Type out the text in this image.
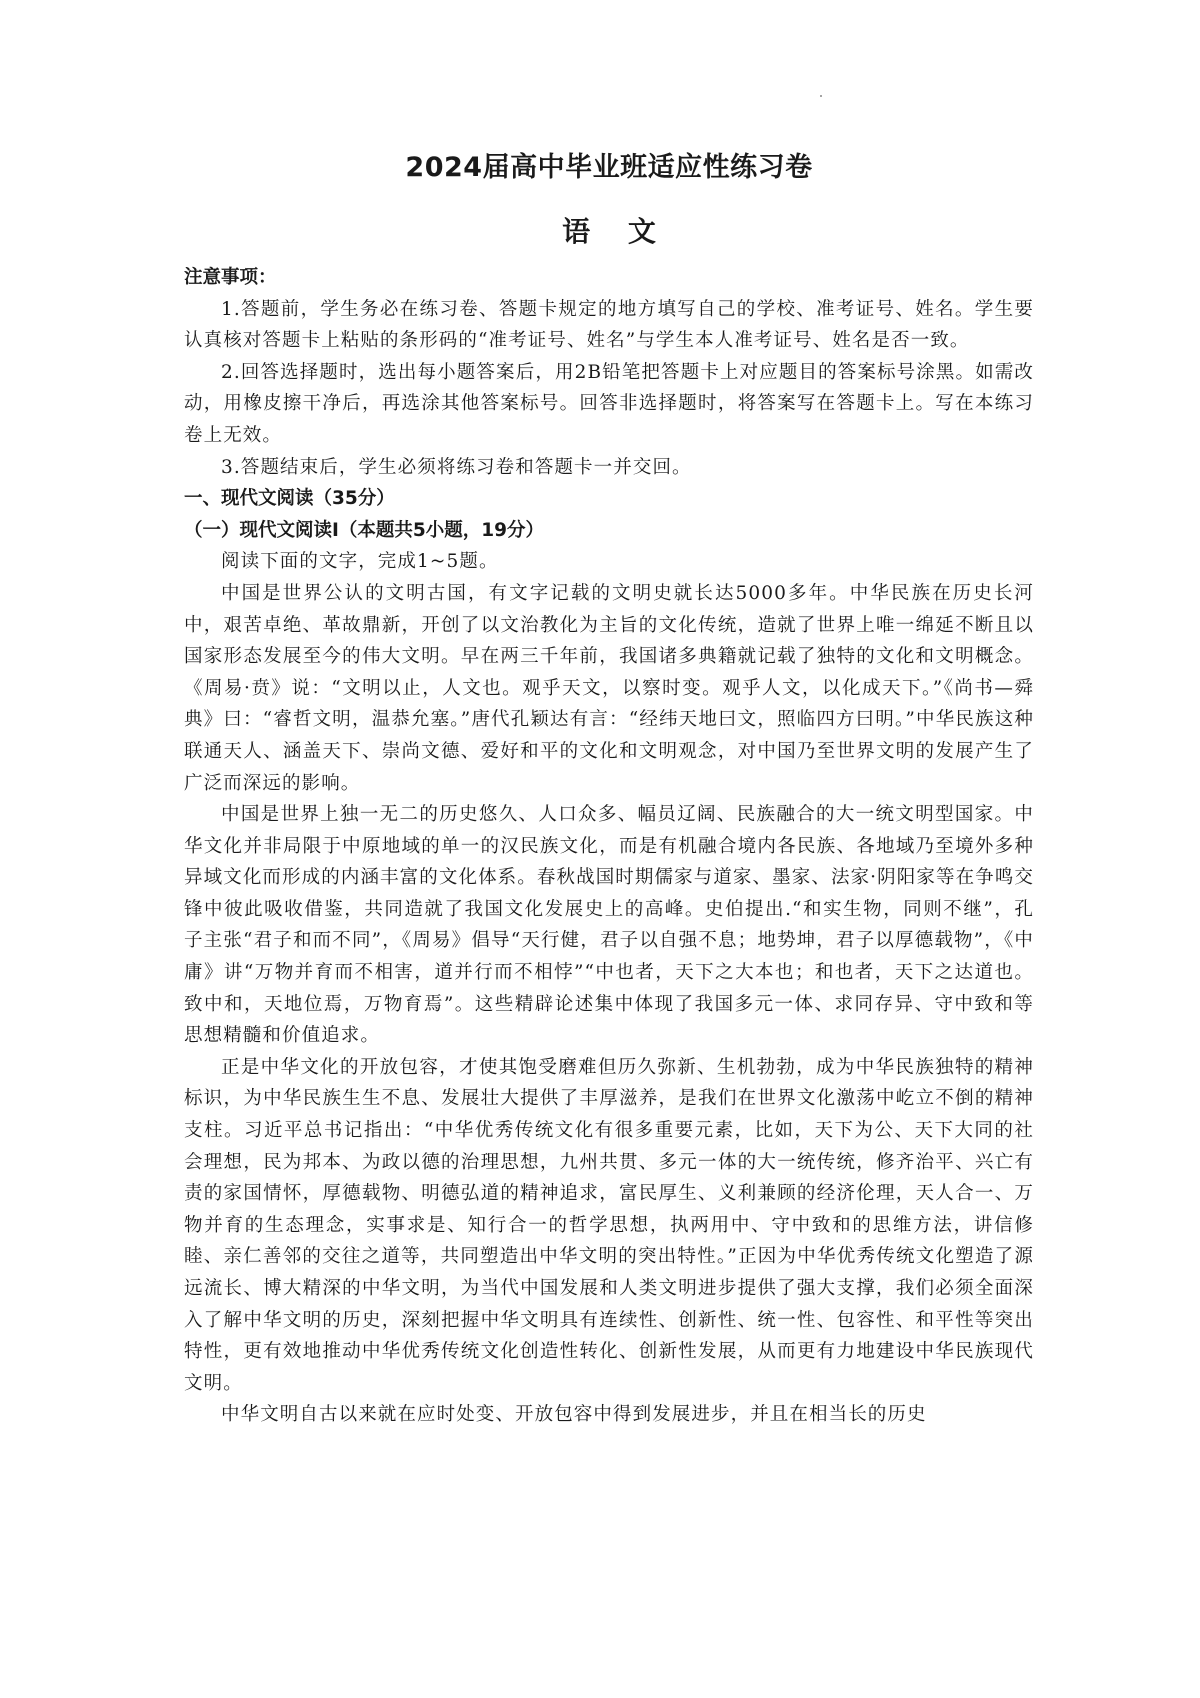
2024届高中毕业班适应性练习卷
语 文
注意事项：

1.答题前，学生务必在练习卷、答题卡规定的地方填写自己的学校、准考证号、姓名。学生要认真核对答题卡上粘贴的条形码的“准考证号、姓名”与学生本人准考证号、姓名是否一致。

2.回答选择题时，选出每小题答案后，用2B铅笔把答题卡上对应题目的答案标号涂黑。如需改动，用橡皮擦干净后，再选涂其他答案标号。回答非选择题时，将答案写在答题卡上。写在本练习卷上无效。

3.答题结束后，学生必须将练习卷和答题卡一并交回。

一、现代文阅读（35分）
（一）现代文阅读Ⅰ（本题共5小题，19分）

阅读下面的文字，完成1~5题。

中国是世界公认的文明古国，有文字记载的文明史就长达5000多年。中华民族在历史长河中，艰苦卓绝、革故鼎新，开创了以文治教化为主旨的文化传统，造就了世界上唯一绵延不断且以国家形态发展至今的伟大文明。早在两三千年前，我国诸多典籍就记载了独特的文化和文明概念。《周易·贲》说：“文明以止，人文也。观乎天文，以察时变。观乎人文，以化成天下。”《尚书—舜典》曰：“睿哲文明，温恭允塞。”唐代孔颖达有言：“经纬天地曰文，照临四方曰明。”中华民族这种联通天人、涵盖天下、崇尚文德、爱好和平的文化和文明观念，对中国乃至世界文明的发展产生了广泛而深远的影响。

中国是世界上独一无二的历史悠久、人口众多、幅员辽阔、民族融合的大一统文明型国家。中华文化并非局限于中原地域的单一的汉民族文化，而是有机融合境内各民族、各地域乃至境外多种异域文化而形成的内涵丰富的文化体系。春秋战国时期儒家与道家、墨家、法家·阴阳家等在争鸣交锋中彼此吸收借鉴，共同造就了我国文化发展史上的高峰。史伯提出.“和实生物，同则不继”，孔子主张“君子和而不同”，《周易》倡导“天行健，君子以自强不息；地势坤，君子以厚德载物”，《中庸》讲“万物并育而不相害，道并行而不相悖”“中也者，天下之大本也；和也者，天下之达道也。致中和，天地位焉，万物育焉”。这些精辟论述集中体现了我国多元一体、求同存异、守中致和等思想精髓和价值追求。

正是中华文化的开放包容，才使其饱受磨难但历久弥新、生机勃勃，成为中华民族独特的精神标识，为中华民族生生不息、发展壮大提供了丰厚滋养，是我们在世界文化激荡中屹立不倒的精神支柱。习近平总书记指出：“中华优秀传统文化有很多重要元素，比如，天下为公、天下大同的社会理想，民为邦本、为政以德的治理思想，九州共贯、多元一体的大一统传统，修齐治平、兴亡有责的家国情怀，厚德载物、明德弘道的精神追求，富民厚生、义利兼顾的经济伦理，天人合一、万物并育的生态理念，实事求是、知行合一的哲学思想，执两用中、守中致和的思维方法，讲信修睦、亲仁善邻的交往之道等，共同塑造出中华文明的突出特性。”正因为中华优秀传统文化塑造了源远流长、博大精深的中华文明，为当代中国发展和人类文明进步提供了强大支撑，我们必须全面深入了解中华文明的历史，深刻把握中华文明具有连续性、创新性、统一性、包容性、和平性等突出特性，更有效地推动中华优秀传统文化创造性转化、创新性发展，从而更有力地建设中华民族现代文明。

中华文明自古以来就在应时处变、开放包容中得到发展进步，并且在相当长的历史
